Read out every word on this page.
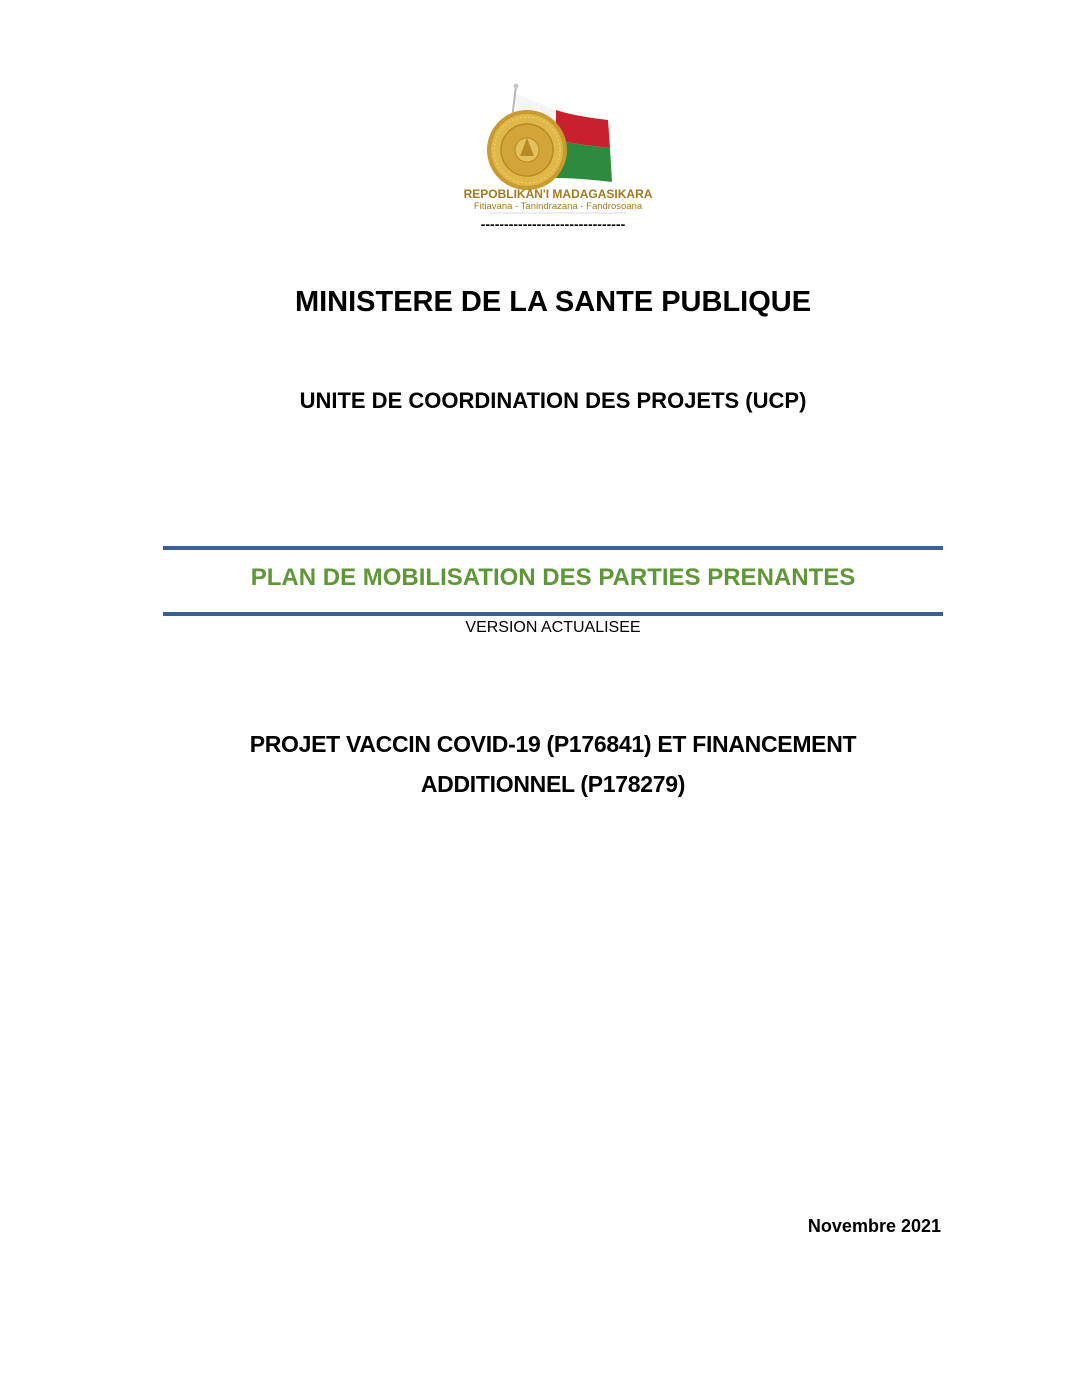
REPOBLIKAN'I MADAGASIKARA
Fitiavana - Tanindrazana - Fandrosoana
-------------------------------
MINISTERE DE LA SANTE PUBLIQUE
UNITE DE COORDINATION DES PROJETS (UCP)
PLAN DE MOBILISATION DES PARTIES PRENANTES
VERSION ACTUALISEE
PROJET VACCIN COVID-19 (P176841) ET FINANCEMENT
ADDITIONNEL (P178279)
Novembre 2021
